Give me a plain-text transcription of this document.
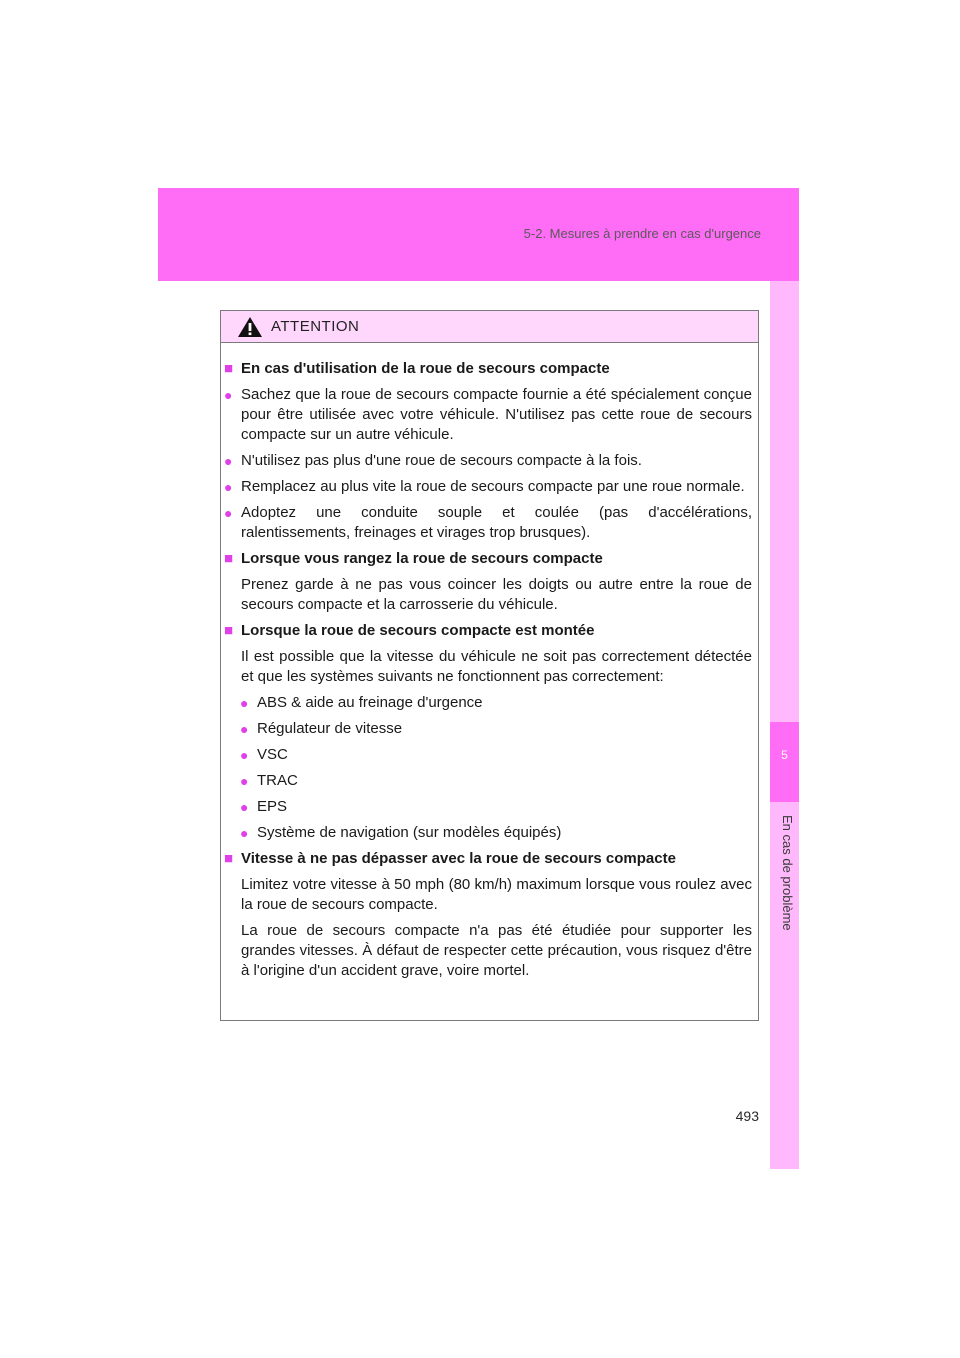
5-2. Mesures à prendre en cas d'urgence
5
En cas de problème
ATTENTION
■ En cas d'utilisation de la roue de secours compacte
● Sachez que la roue de secours compacte fournie a été spécialement conçue pour être utilisée avec votre véhicule. N'utilisez pas cette roue de secours compacte sur un autre véhicule.
● N'utilisez pas plus d'une roue de secours compacte à la fois.
● Remplacez au plus vite la roue de secours compacte par une roue normale.
● Adoptez une conduite souple et coulée (pas d'accélérations, ralentissements, freinages et virages trop brusques).
■ Lorsque vous rangez la roue de secours compacte
Prenez garde à ne pas vous coincer les doigts ou autre entre la roue de secours compacte et la carrosserie du véhicule.
■ Lorsque la roue de secours compacte est montée
Il est possible que la vitesse du véhicule ne soit pas correctement détectée et que les systèmes suivants ne fonctionnent pas correctement:
● ABS & aide au freinage d'urgence
● Régulateur de vitesse
● VSC
● TRAC
● EPS
● Système de navigation (sur modèles équipés)
■ Vitesse à ne pas dépasser avec la roue de secours compacte
Limitez votre vitesse à 50 mph (80 km/h) maximum lorsque vous roulez avec la roue de secours compacte.
La roue de secours compacte n'a pas été étudiée pour supporter les grandes vitesses. À défaut de respecter cette précaution, vous risquez d'être à l'origine d'un accident grave, voire mortel.
493
